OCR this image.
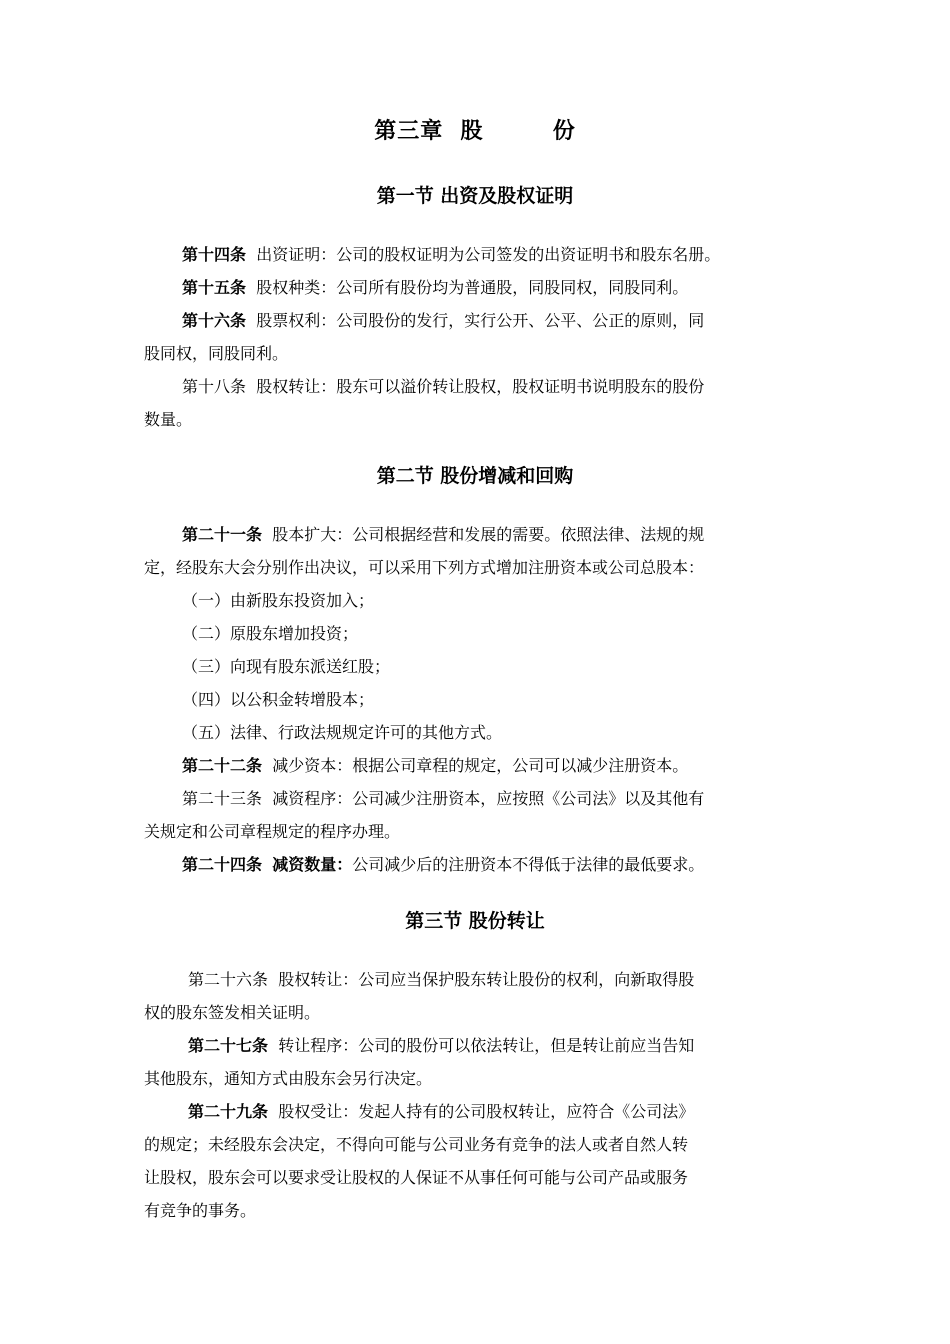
第三章  股        份
第一节 出资及股权证明
第十四条 出资证明：公司的股权证明为公司签发的出资证明书和股东名册。
第十五条 股权种类：公司所有股份均为普通股，同股同权，同股同利。
第十六条 股票权利：公司股份的发行，实行公开、公平、公正的原则，同
股同权，同股同利。
第十八条 股权转让：股东可以溢价转让股权，股权证明书说明股东的股份
数量。
第二节 股份增减和回购
第二十一条 股本扩大：公司根据经营和发展的需要。依照法律、法规的规
定，经股东大会分别作出决议，可以采用下列方式增加注册资本或公司总股本：
（一）由新股东投资加入；
（二）原股东增加投资；
（三）向现有股东派送红股；
（四）以公积金转增股本；
（五）法律、行政法规规定许可的其他方式。
第二十二条 减少资本：根据公司章程的规定，公司可以减少注册资本。
第二十三条 减资程序：公司减少注册资本，应按照《公司法》以及其他有
关规定和公司章程规定的程序办理。
第二十四条 减资数量：公司减少后的注册资本不得低于法律的最低要求。
第三节 股份转让
第二十六条 股权转让：公司应当保护股东转让股份的权利，向新取得股
权的股东签发相关证明。
第二十七条 转让程序：公司的股份可以依法转让，但是转让前应当告知
其他股东，通知方式由股东会另行决定。
第二十九条 股权受让：发起人持有的公司股权转让，应符合《公司法》
的规定；未经股东会决定，不得向可能与公司业务有竞争的法人或者自然人转
让股权，股东会可以要求受让股权的人保证不从事任何可能与公司产品或服务
有竞争的事务。
